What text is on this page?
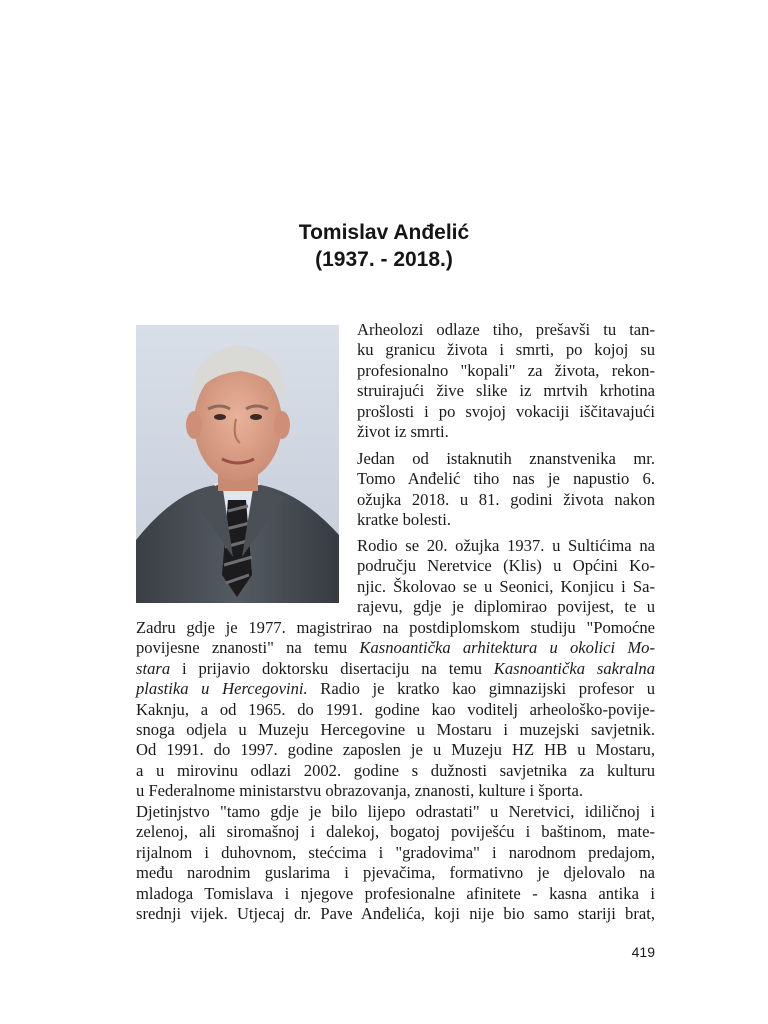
Tomislav Anđelić
(1937. - 2018.)
Arheolozi odlaze tiho, prešavši tu tan-
ku granicu života i smrti, po kojoj su
profesionalno "kopali" za života, rekon-
struirajući žive slike iz mrtvih krhotina
prošlosti i po svojoj vokaciji iščitavajući
život iz smrti.
Jedan od istaknutih znanstvenika mr.
Tomo Anđelić tiho nas je napustio 6.
ožujka 2018. u 81. godini života nakon
kratke bolesti.
Rodio se 20. ožujka 1937. u Sultićima na
području Neretvice (Klis) u Općini Ko-
njic. Školovao se u Seonici, Konjicu i Sa-
rajevu, gdje je diplomirao povijest, te u
Zadru gdje je 1977. magistrirao na postdiplomskom studiju "Pomoćne
povijesne znanosti" na temu Kasnoantička arhitektura u okolici Mo-
stara i prijavio doktorsku disertaciju na temu Kasnoantička sakralna
plastika u Hercegovini. Radio je kratko kao gimnazijski profesor u
Kaknju, a od 1965. do 1991. godine kao voditelj arheološko-povije-
snoga odjela u Muzeju Hercegovine u Mostaru i muzejski savjetnik.
Od 1991. do 1997. godine zaposlen je u Muzeju HZ HB u Mostaru,
a u mirovinu odlazi 2002. godine s dužnosti savjetnika za kulturu
u Federalnome ministarstvu obrazovanja, znanosti, kulture i športa.
Djetinjstvo "tamo gdje je bilo lijepo odrastati" u Neretvici, idiličnoj i
zelenoj, ali siromašnoj i dalekoj, bogatoj poviješću i baštinom, mate-
rijalnom i duhovnom, stećcima i "gradovima" i narodnom predajom,
među narodnim guslarima i pjevačima, formativno je djelovalo na
mladoga Tomislava i njegove profesionalne afinitete - kasna antika i
srednji vijek. Utjecaj dr. Pave Anđelića, koji nije bio samo stariji brat,
419
